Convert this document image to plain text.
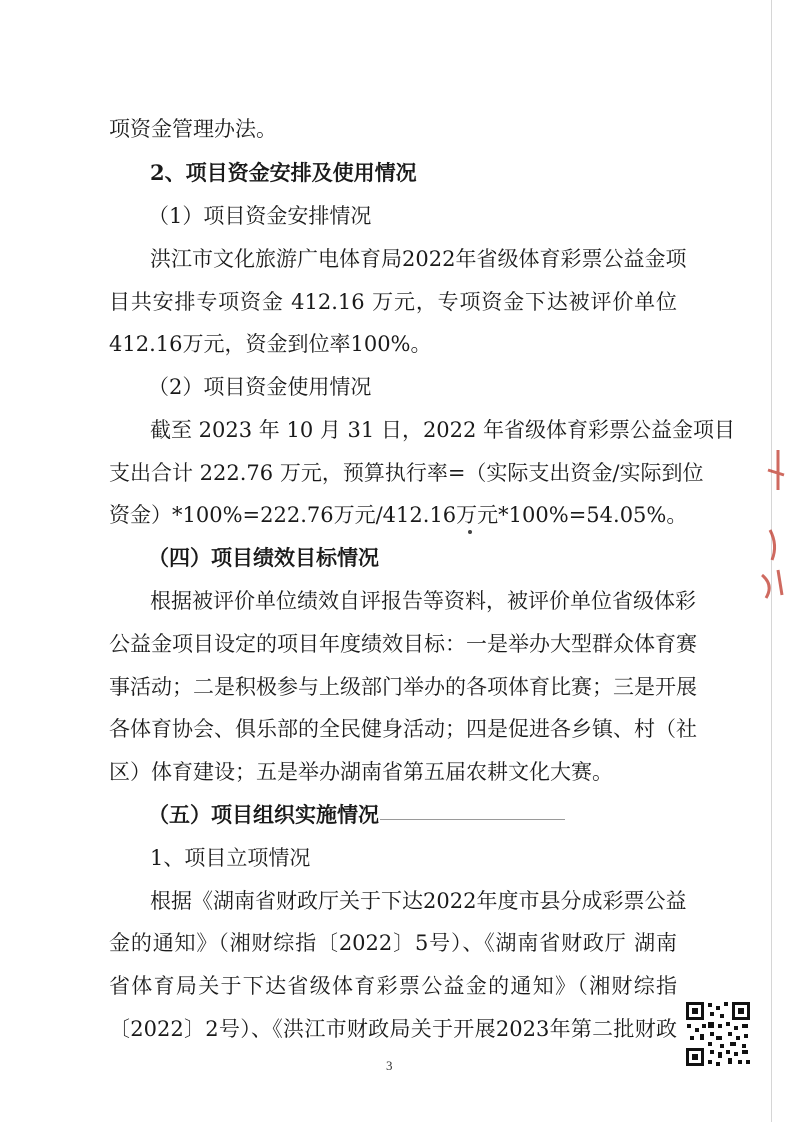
项资金管理办法。
2、项目资金安排及使用情况
（1）项目资金安排情况
洪江市文化旅游广电体育局2022年省级体育彩票公益金项
目共安排专项资金 412.16 万元，专项资金下达被评价单位
412.16万元，资金到位率100%。
（2）项目资金使用情况
截至 2023 年 10 月 31 日，2022 年省级体育彩票公益金项目
支出合计 222.76 万元，预算执行率=（实际支出资金/实际到位
资金）*100%=222.76万元/412.16万元*100%=54.05%。
（四）项目绩效目标情况
根据被评价单位绩效自评报告等资料，被评价单位省级体彩
公益金项目设定的项目年度绩效目标：一是举办大型群众体育赛
事活动；二是积极参与上级部门举办的各项体育比赛；三是开展
各体育协会、俱乐部的全民健身活动；四是促进各乡镇、村（社
区）体育建设；五是举办湖南省第五届农耕文化大赛。
（五）项目组织实施情况
1、项目立项情况
根据《湖南省财政厅关于下达2022年度市县分成彩票公益
金的通知》（湘财综指〔2022〕5号）、《湖南省财政厅 湖南
省体育局关于下达省级体育彩票公益金的通知》（湘财综指
〔2022〕2号）、《洪江市财政局关于开展2023年第二批财政
3
